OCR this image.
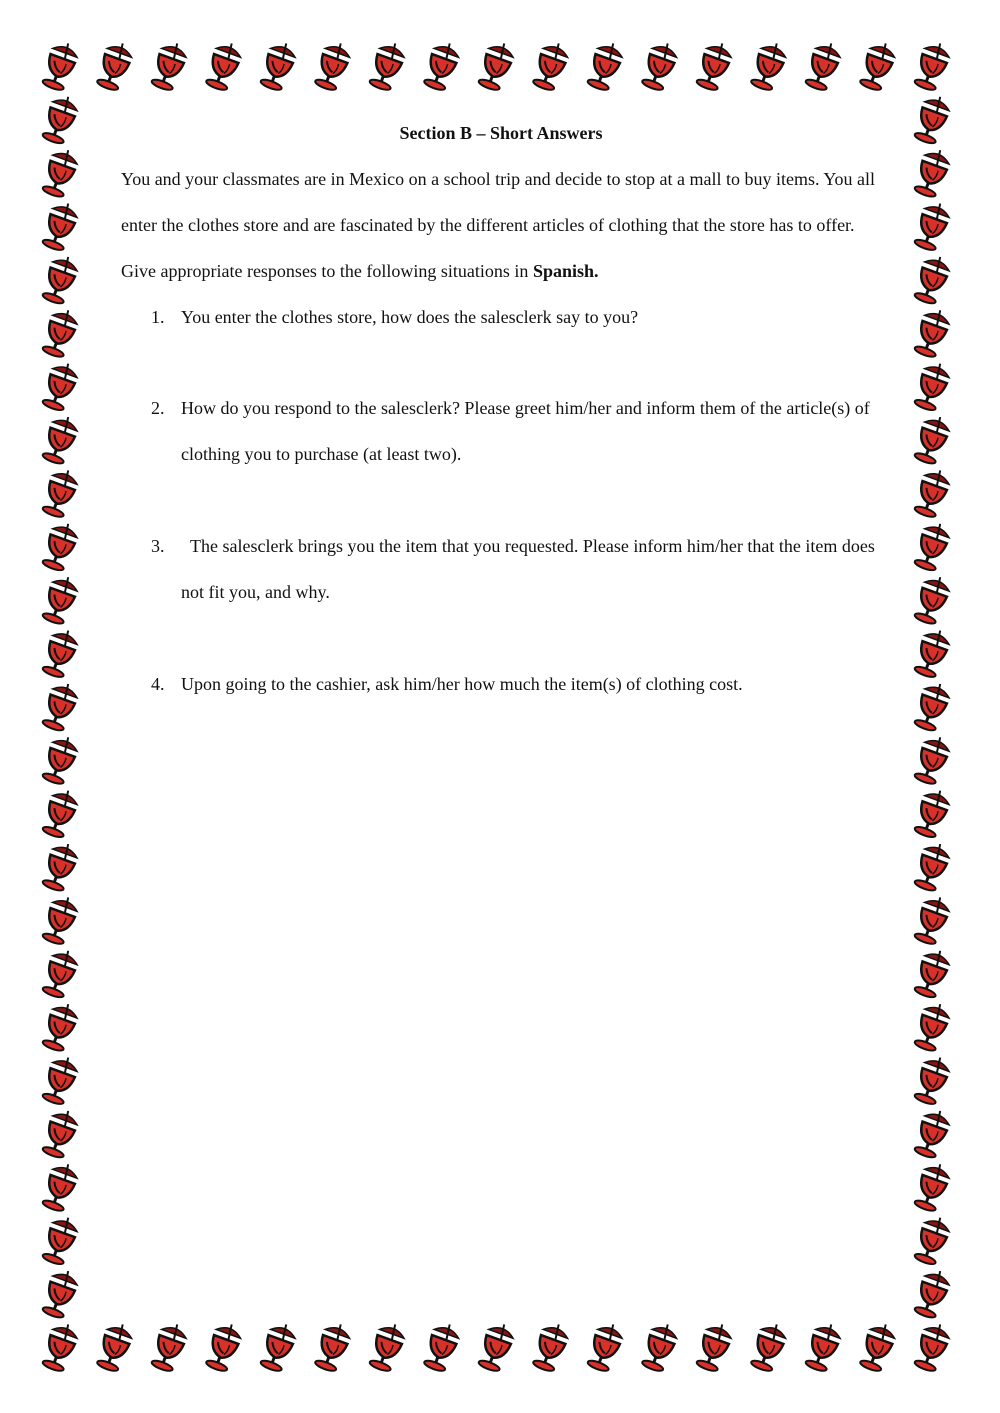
Section B – Short Answers

You and your classmates are in Mexico on a school trip and decide to stop at a mall to buy items. You all enter the clothes store and are fascinated by the different articles of clothing that the store has to offer. Give appropriate responses to the following situations in Spanish.

1. You enter the clothes store, how does the salesclerk say to you?
2. How do you respond to the salesclerk? Please greet him/her and inform them of the article(s) of clothing you to purchase (at least two).
3. The salesclerk brings you the item that you requested. Please inform him/her that the item does not fit you, and why.
4. Upon going to the cashier, ask him/her how much the item(s) of clothing cost.
